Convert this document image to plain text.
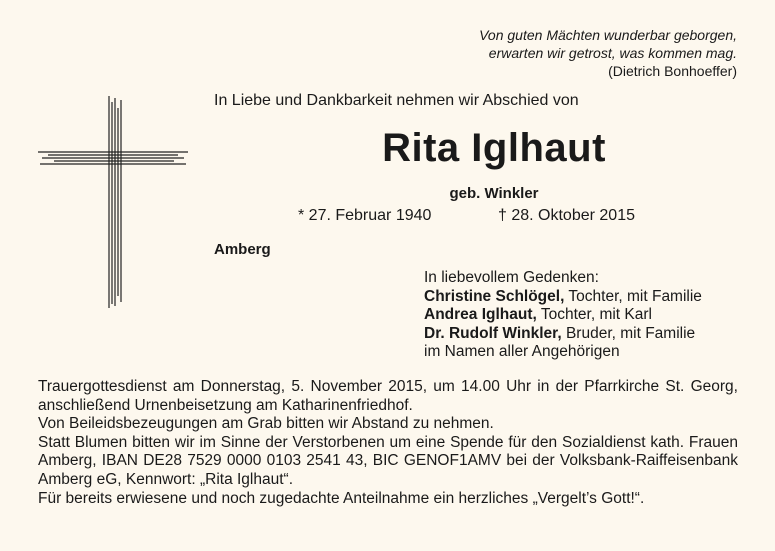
Von guten Mächten wunderbar geborgen,
erwarten wir getrost, was kommen mag.
(Dietrich Bonhoeffer)
In Liebe und Dankbarkeit nehmen wir Abschied von
Rita Iglhaut
geb. Winkler
* 27. Februar 1940	† 28. Oktober 2015
Amberg
In liebevollem Gedenken:
Christine Schlögel, Tochter, mit Familie
Andrea Iglhaut, Tochter, mit Karl
Dr. Rudolf Winkler, Bruder, mit Familie
im Namen aller Angehörigen

Trauergottesdienst am Donnerstag, 5. November 2015, um 14.00 Uhr in der Pfarrkirche St. Georg, anschließend Urnenbeisetzung am Katharinenfriedhof.

Von Beileidsbezeugungen am Grab bitten wir Abstand zu nehmen.

Statt Blumen bitten wir im Sinne der Verstorbenen um eine Spende für den Sozialdienst kath. Frauen Amberg, IBAN DE28 7529 0000 0103 2541 43, BIC GENOF1AMV bei der Volksbank-Raiffeisenbank Amberg eG, Kennwort: „Rita Iglhaut“.

Für bereits erwiesene und noch zugedachte Anteilnahme ein herzliches „Vergelt’s Gott!“.
